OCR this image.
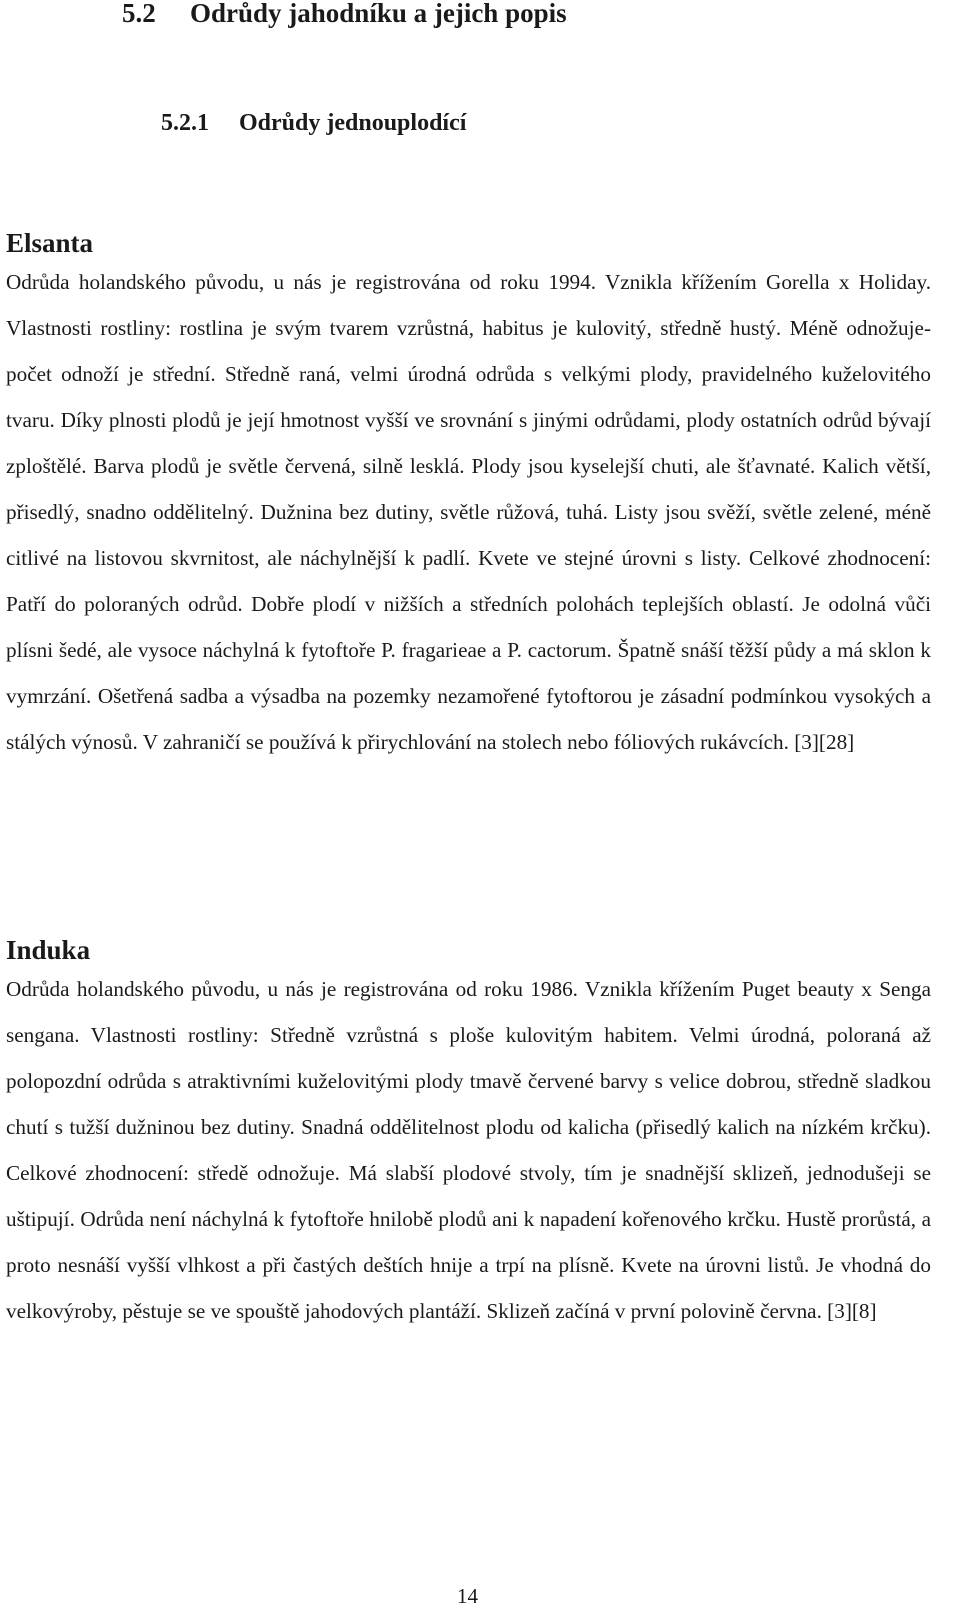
5.2 Odrůdy jahodníku a jejich popis
5.2.1 Odrůdy jednouplodící

Elsanta

Odrůda holandského původu, u nás je registrována od roku 1994. Vznikla křížením Gorella x Holiday. Vlastnosti rostliny: rostlina je svým tvarem vzrůstná, habitus je kulovitý, středně hustý. Méně odnožuje-počet odnoží je střední. Středně raná, velmi úrodná odrůda s velkými plody, pravidelného kuželovitého tvaru. Díky plnosti plodů je její hmotnost vyšší ve srovnání s jinými odrůdami, plody ostatních odrůd bývají zploštělé. Barva plodů je světle červená, silně lesklá. Plody jsou kyselejší chuti, ale šťavnaté. Kalich větší, přisedlý, snadno oddělitelný. Dužnina bez dutiny, světle růžová, tuhá. Listy jsou svěží, světle zelené, méně citlivé na listovou skvrnitost, ale náchylnější k padlí. Kvete ve stejné úrovni s listy. Celkové zhodnocení: Patří do poloraných odrůd. Dobře plodí v nižších a středních polohách teplejších oblastí. Je odolná vůči plísni šedé, ale vysoce náchylná k fytoftoře P. fragarieae a P. cactorum. Špatně snáší těžší půdy a má sklon k vymrzání. Ošetřená sadba a výsadba na pozemky nezamořené fytoftorou je zásadní podmínkou vysokých a stálých výnosů. V zahraničí se používá k přirychlování na stolech nebo fóliových rukávcích. [3][28]

Induka

Odrůda holandského původu, u nás je registrována od roku 1986. Vznikla křížením Puget beauty x Senga sengana. Vlastnosti rostliny: Středně vzrůstná s ploše kulovitým habitem. Velmi úrodná, poloraná až polopozdní odrůda s atraktivními kuželovitými plody tmavě červené barvy s velice dobrou, středně sladkou chutí s tužší dužninou bez dutiny. Snadná oddělitelnost plodu od kalicha (přisedlý kalich na nízkém krčku). Celkové zhodnocení: středě odnožuje. Má slabší plodové stvoly, tím je snadnější sklizeň, jednodušeji se uštipují. Odrůda není náchylná k fytoftoře hnilobě plodů ani k napadení kořenového krčku. Hustě prorůstá, a proto nesnáší vyšší vlhkost a při častých deštích hnije a trpí na plísně. Kvete na úrovni listů. Je vhodná do velkovýroby, pěstuje se ve spouště jahodových plantáží. Sklizeň začíná v první polovině června. [3][8]

14
